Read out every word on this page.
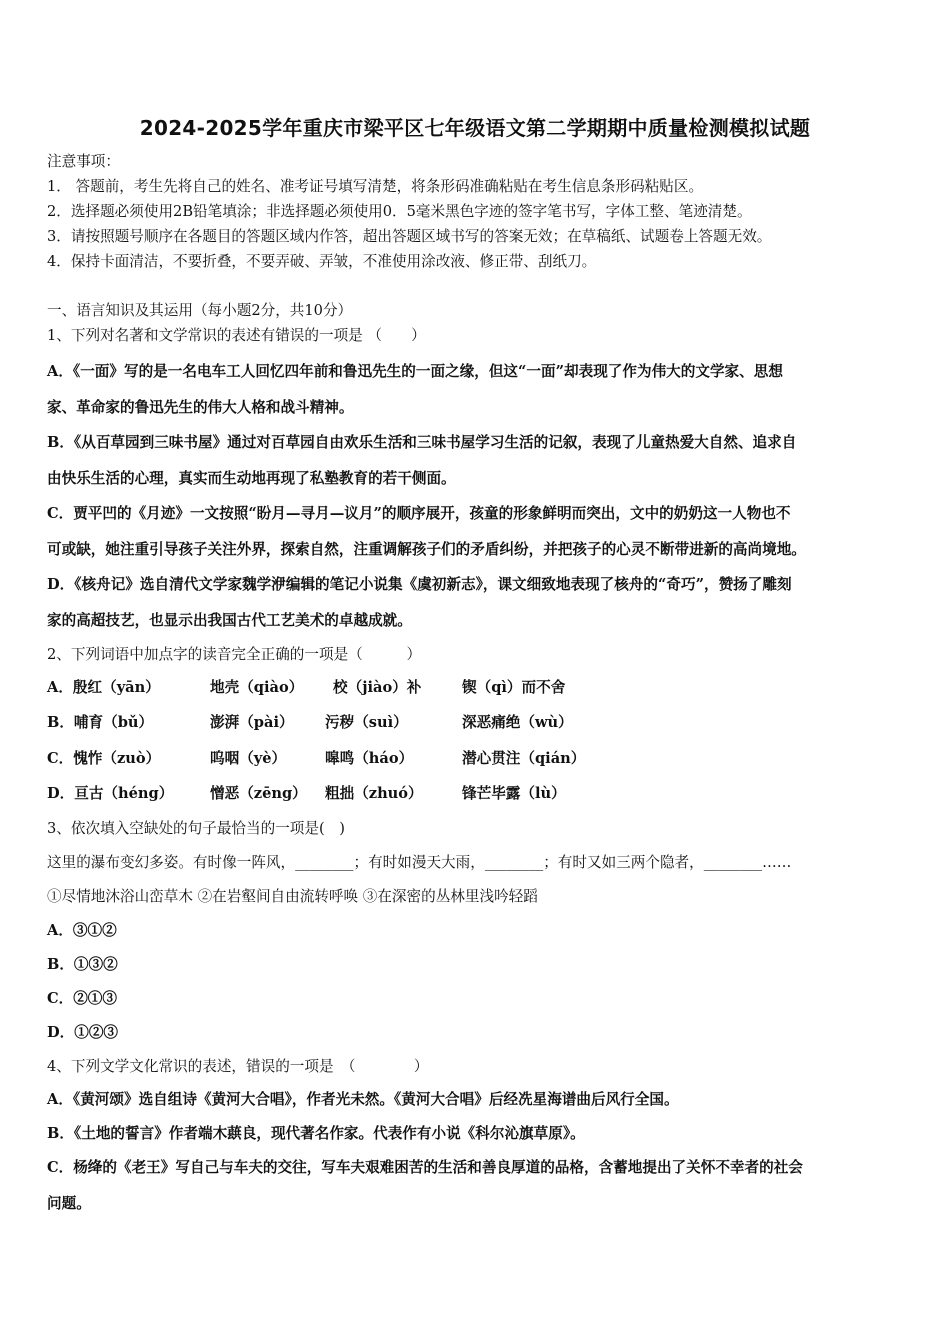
2024-2025学年重庆市梁平区七年级语文第二学期期中质量检测模拟试题
注意事项：
1． 答题前，考生先将自己的姓名、准考证号填写清楚，将条形码准确粘贴在考生信息条形码粘贴区。
2．选择题必须使用2B铅笔填涂；非选择题必须使用0．5毫米黑色字迹的签字笔书写，字体工整、笔迹清楚。
3．请按照题号顺序在各题目的答题区域内作答，超出答题区域书写的答案无效；在草稿纸、试题卷上答题无效。
4．保持卡面清洁，不要折叠，不要弄破、弄皱，不准使用涂改液、修正带、刮纸刀。
一、语言知识及其运用（每小题2分，共10分）
1、下列对名著和文学常识的表述有错误的一项是 （　　）
A．《一面》写的是一名电车工人回忆四年前和鲁迅先生的一面之缘，但这“一面”却表现了作为伟大的文学家、思想
家、革命家的鲁迅先生的伟大人格和战斗精神。
B．《从百草园到三味书屋》通过对百草园自由欢乐生活和三味书屋学习生活的记叙，表现了儿童热爱大自然、追求自
由快乐生活的心理，真实而生动地再现了私塾教育的若干侧面。
C．贾平凹的《月迹》一文按照“盼月—寻月—议月”的顺序展开，孩童的形象鲜明而突出，文中的奶奶这一人物也不
可或缺，她注重引导孩子关注外界，探索自然，注重调解孩子们的矛盾纠纷，并把孩子的心灵不断带进新的高尚境地。
D．《核舟记》选自清代文学家魏学洢编辑的笔记小说集《虞初新志》，课文细致地表现了核舟的“奇巧”，赞扬了雕刻
家的高超技艺，也显示出我国古代工艺美术的卓越成就。
2、下列词语中加点字的读音完全正确的一项是（　　　）
A．殷红（yān）	地壳（qiào） 校（jiào）补	锲（qì）而不舍
B．哺育（bǔ）	澎湃（pài） 污秽（suì）	深恶痛绝（wù）
C．愧怍（zuò）	呜咽（yè）	嗥鸣（háo）	潜心贯注（qián）
D．亘古（héng）	憎恶（zēng） 粗拙（zhuó）	锋芒毕露（lù）
3、依次填入空缺处的句子最恰当的一项是(　)
这里的瀑布变幻多姿。有时像一阵风，________；有时如漫天大雨，________；有时又如三两个隐者，________……
①尽情地沐浴山峦草木 ②在岩壑间自由流转呼唤 ③在深密的丛林里浅吟轻蹈
A．③①②
B．①③②
C．②①③
D．①②③
4、下列文学文化常识的表述，错误的一项是　（　　　　）
A．《黄河颂》选自组诗《黄河大合唱》，作者光未然。《黄河大合唱》后经冼星海谱曲后风行全国。
B．《土地的誓言》作者端木蕻良，现代著名作家。代表作有小说《科尔沁旗草原》。
C．杨绛的《老王》写自己与车夫的交往，写车夫艰难困苦的生活和善良厚道的品格，含蓄地提出了关怀不幸者的社会
问题。
